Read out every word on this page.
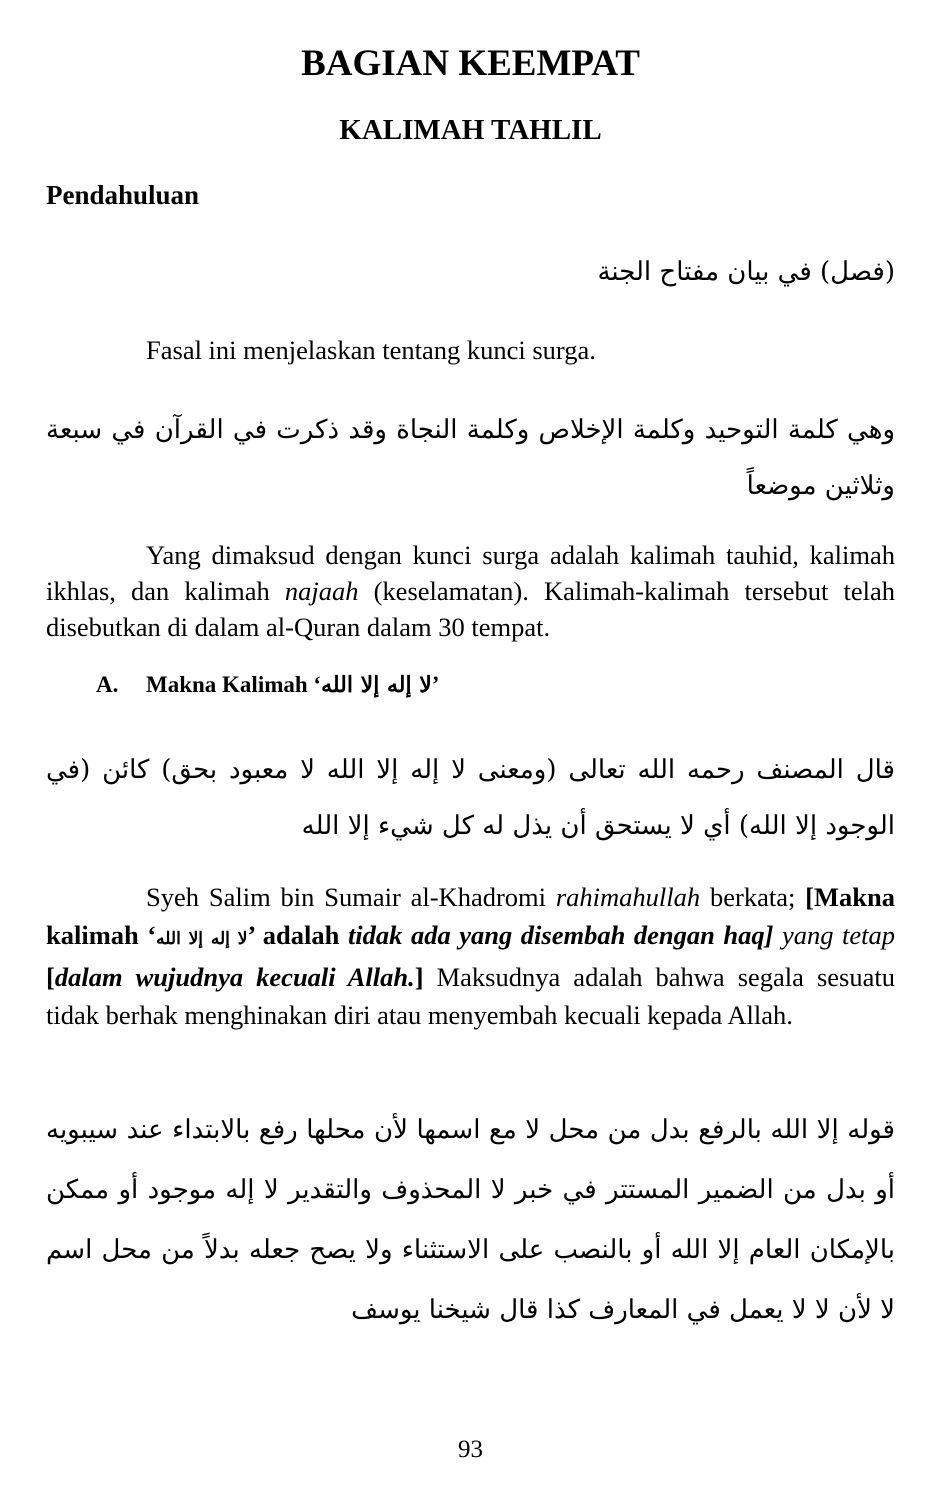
BAGIAN KEEMPAT
KALIMAH TAHLIL

Pendahuluan

(فصل) في بيان مفتاح الجنة

Fasal ini menjelaskan tentang kunci surga.

وهي كلمة التوحيد وكلمة الإخلاص وكلمة النجاة وقد ذكرت في القرآن في سبعة وثلاثين موضعاً

Yang dimaksud dengan kunci surga adalah kalimah tauhid, kalimah ikhlas, dan kalimah najaah (keselamatan). Kalimah-kalimah tersebut telah disebutkan di dalam al-Quran dalam 30 tempat.

A. Makna Kalimah ‘لا إله إلا الله’

قال المصنف رحمه الله تعالى (ومعنى لا إله إلا الله لا معبود بحق) كائن (في الوجود إلا الله) أي لا يستحق أن يذل له كل شيء إلا الله

Syeh Salim bin Sumair al-Khadromi rahimahullah berkata; [Makna kalimah ‘لا إله إلا الله’ adalah tidak ada yang disembah dengan haq] yang tetap [dalam wujudnya kecuali Allah.] Maksudnya adalah bahwa segala sesuatu tidak berhak menghinakan diri atau menyembah kecuali kepada Allah.

قوله إلا الله بالرفع بدل من محل لا مع اسمها لأن محلها رفع بالابتداء عند سيبويه أو بدل من الضمير المستتر في خبر لا المحذوف والتقدير لا إله موجود أو ممكن بالإمكان العام إلا الله أو بالنصب على الاستثناء ولا يصح جعله بدلاً من محل اسم لا لأن لا لا يعمل في المعارف كذا قال شيخنا يوسف

93
